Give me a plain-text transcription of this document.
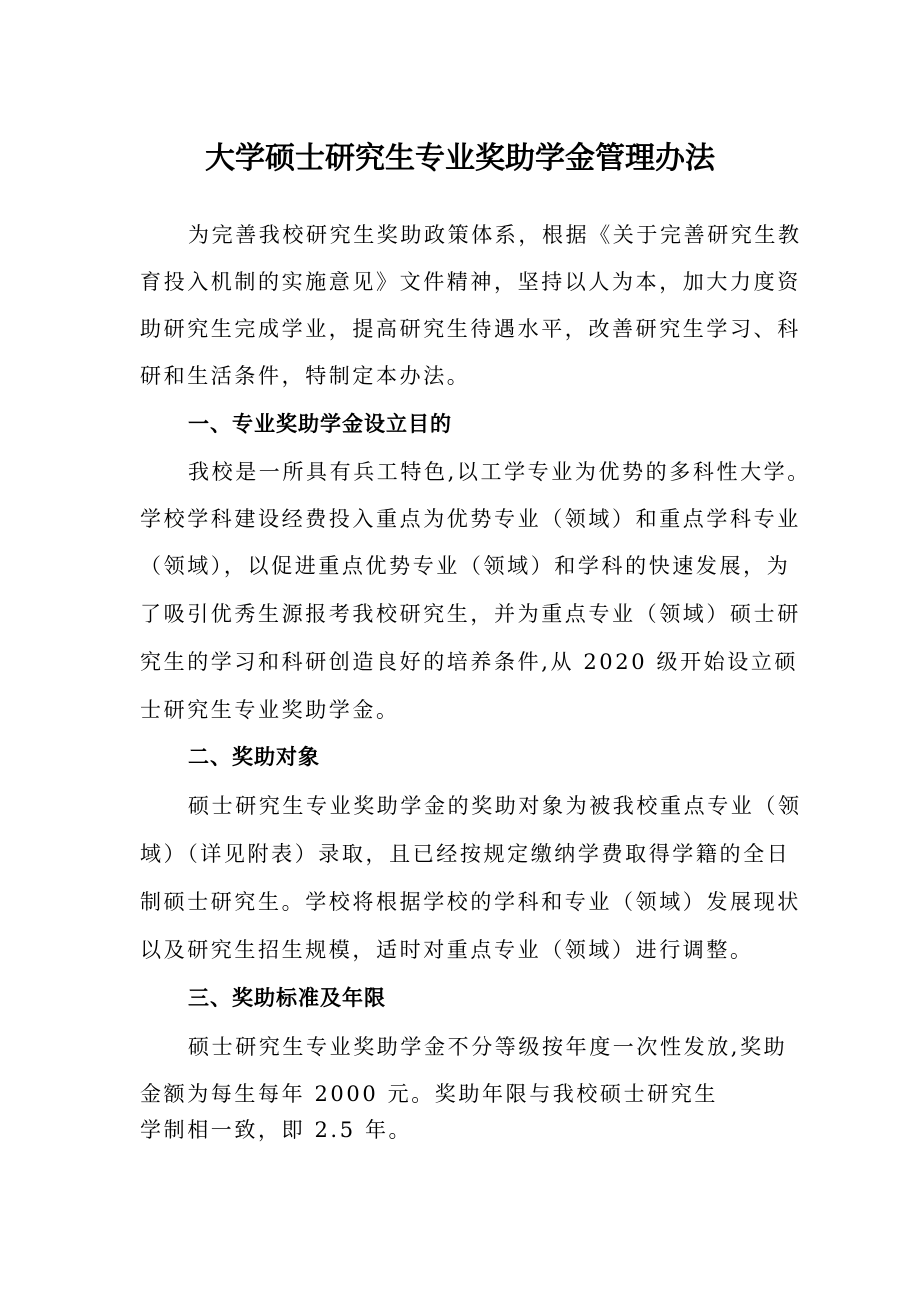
大学硕士研究生专业奖助学金管理办法
为完善我校研究生奖助政策体系，根据《关于完善研究生教
育投入机制的实施意见》文件精神，坚持以人为本，加大力度资
助研究生完成学业，提高研究生待遇水平，改善研究生学习、科
研和生活条件，特制定本办法。
一、专业奖助学金设立目的
我校是一所具有兵工特色,以工学专业为优势的多科性大学。
学校学科建设经费投入重点为优势专业（领域）和重点学科专业
（领域），以促进重点优势专业（领域）和学科的快速发展，为
了吸引优秀生源报考我校研究生，并为重点专业（领域）硕士研
究生的学习和科研创造良好的培养条件,从 2020 级开始设立硕
士研究生专业奖助学金。
二、奖助对象
硕士研究生专业奖助学金的奖助对象为被我校重点专业（领
域）（详见附表）录取，且已经按规定缴纳学费取得学籍的全日
制硕士研究生。学校将根据学校的学科和专业（领域）发展现状
以及研究生招生规模，适时对重点专业（领域）进行调整。
三、奖助标准及年限
硕士研究生专业奖助学金不分等级按年度一次性发放,奖助
金额为每生每年 2000 元。奖助年限与我校硕士研究生
学制相一致，即 2.5 年。
